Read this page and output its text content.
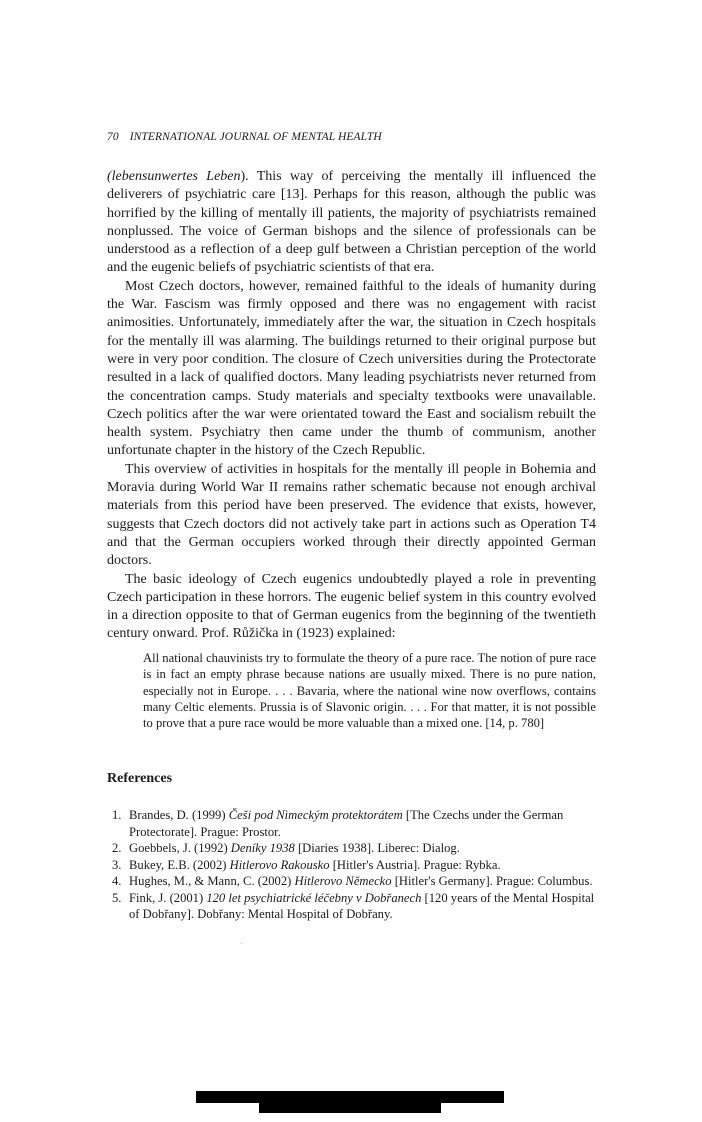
70 INTERNATIONAL JOURNAL OF MENTAL HEALTH

(lebensunwertes Leben). This way of perceiving the mentally ill influenced the deliverers of psychiatric care [13]. Perhaps for this reason, although the public was horrified by the killing of mentally ill patients, the majority of psychiatrists remained nonplussed. The voice of German bishops and the silence of professionals can be understood as a reflection of a deep gulf between a Christian perception of the world and the eugenic beliefs of psychiatric scientists of that era.

Most Czech doctors, however, remained faithful to the ideals of humanity during the War. Fascism was firmly opposed and there was no engagement with racist animosities. Unfortunately, immediately after the war, the situation in Czech hospitals for the mentally ill was alarming. The buildings returned to their original purpose but were in very poor condition. The closure of Czech universities during the Protectorate resulted in a lack of qualified doctors. Many leading psychiatrists never returned from the concentration camps. Study materials and specialty textbooks were unavailable. Czech politics after the war were orientated toward the East and socialism rebuilt the health system. Psychiatry then came under the thumb of communism, another unfortunate chapter in the history of the Czech Republic.

This overview of activities in hospitals for the mentally ill people in Bohemia and Moravia during World War II remains rather schematic because not enough archival materials from this period have been preserved. The evidence that exists, however, suggests that Czech doctors did not actively take part in actions such as Operation T4 and that the German occupiers worked through their directly appointed German doctors.

The basic ideology of Czech eugenics undoubtedly played a role in preventing Czech participation in these horrors. The eugenic belief system in this country evolved in a direction opposite to that of German eugenics from the beginning of the twentieth century onward. Prof. Růžička in (1923) explained:

All national chauvinists try to formulate the theory of a pure race. The notion of pure race is in fact an empty phrase because nations are usually mixed. There is no pure nation, especially not in Europe. . . . Bavaria, where the national wine now overflows, contains many Celtic elements. Prussia is of Slavonic origin. . . . For that matter, it is not possible to prove that a pure race would be more valuable than a mixed one. [14, p. 780]
References
1. Brandes, D. (1999) Češi pod Nìmeckým protektorátem [The Czechs under the German Protectorate]. Prague: Prostor.
2. Goebbels, J. (1992) Deníky 1938 [Diaries 1938]. Liberec: Dialog.
3. Bukey, E.B. (2002) Hitlerovo Rakousko [Hitler's Austria]. Prague: Rybka.
4. Hughes, M., & Mann, C. (2002) Hitlerovo Německo [Hitler's Germany]. Prague: Columbus.
5. Fink, J. (2001) 120 let psychiatrické léčebny v Dobřanech [120 years of the Mental Hospital of Dobřany]. Dobřany: Mental Hospital of Dobřany.
